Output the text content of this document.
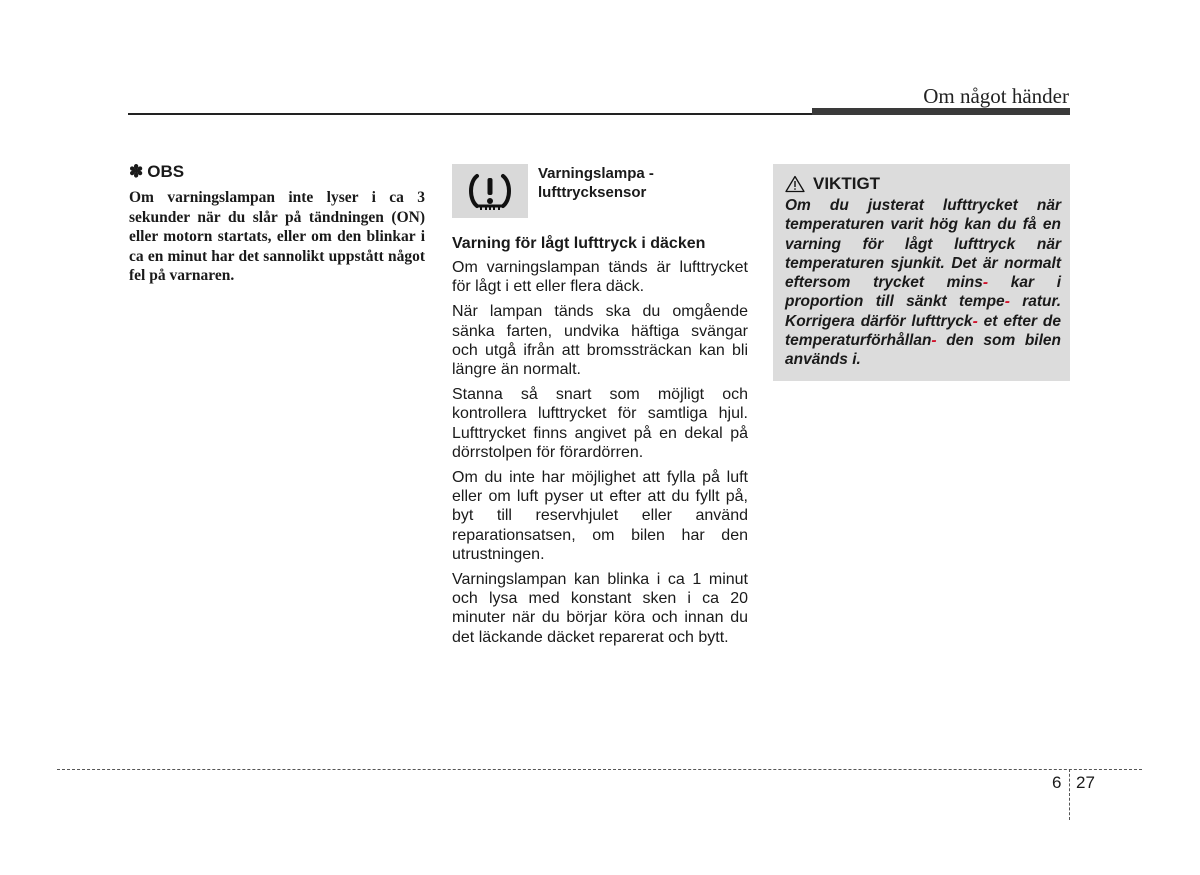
Om något händer
✽ OBS

Om varningslampan inte lyser i ca 3 sekunder när du slår på tändningen (ON) eller motorn startats, eller om den blinkar i ca en minut har det sannolikt uppstått något fel på varnaren.

Varningslampa -
lufttrycksensor

Varning för lågt lufttryck i däcken

Om varningslampan tänds är lufttrycket för lågt i ett eller flera däck.

När lampan tänds ska du omgående sänka farten, undvika häftiga svängar och utgå ifrån att bromssträckan kan bli längre än normalt.

Stanna så snart som möjligt och kontrollera lufttrycket för samtliga hjul. Lufttrycket finns angivet på en dekal på dörrstolpen för förardörren.

Om du inte har möjlighet att fylla på luft eller om luft pyser ut efter att du fyllt på, byt till reservhjulet eller använd reparationsatsen, om bilen har den utrustningen.

Varningslampan kan blinka i ca 1 minut och lysa med konstant sken i ca 20 minuter när du börjar köra och innan du det läckande däcket reparerat och bytt.

VIKTIGT

Om du justerat lufttrycket när temperaturen varit hög kan du få en varning för lågt lufttryck när temperaturen sjunkit. Det är normalt eftersom trycket mins- kar i proportion till sänkt tempe- ratur. Korrigera därför lufttryck- et efter de temperaturförhållan- den som bilen används i.

6 27
